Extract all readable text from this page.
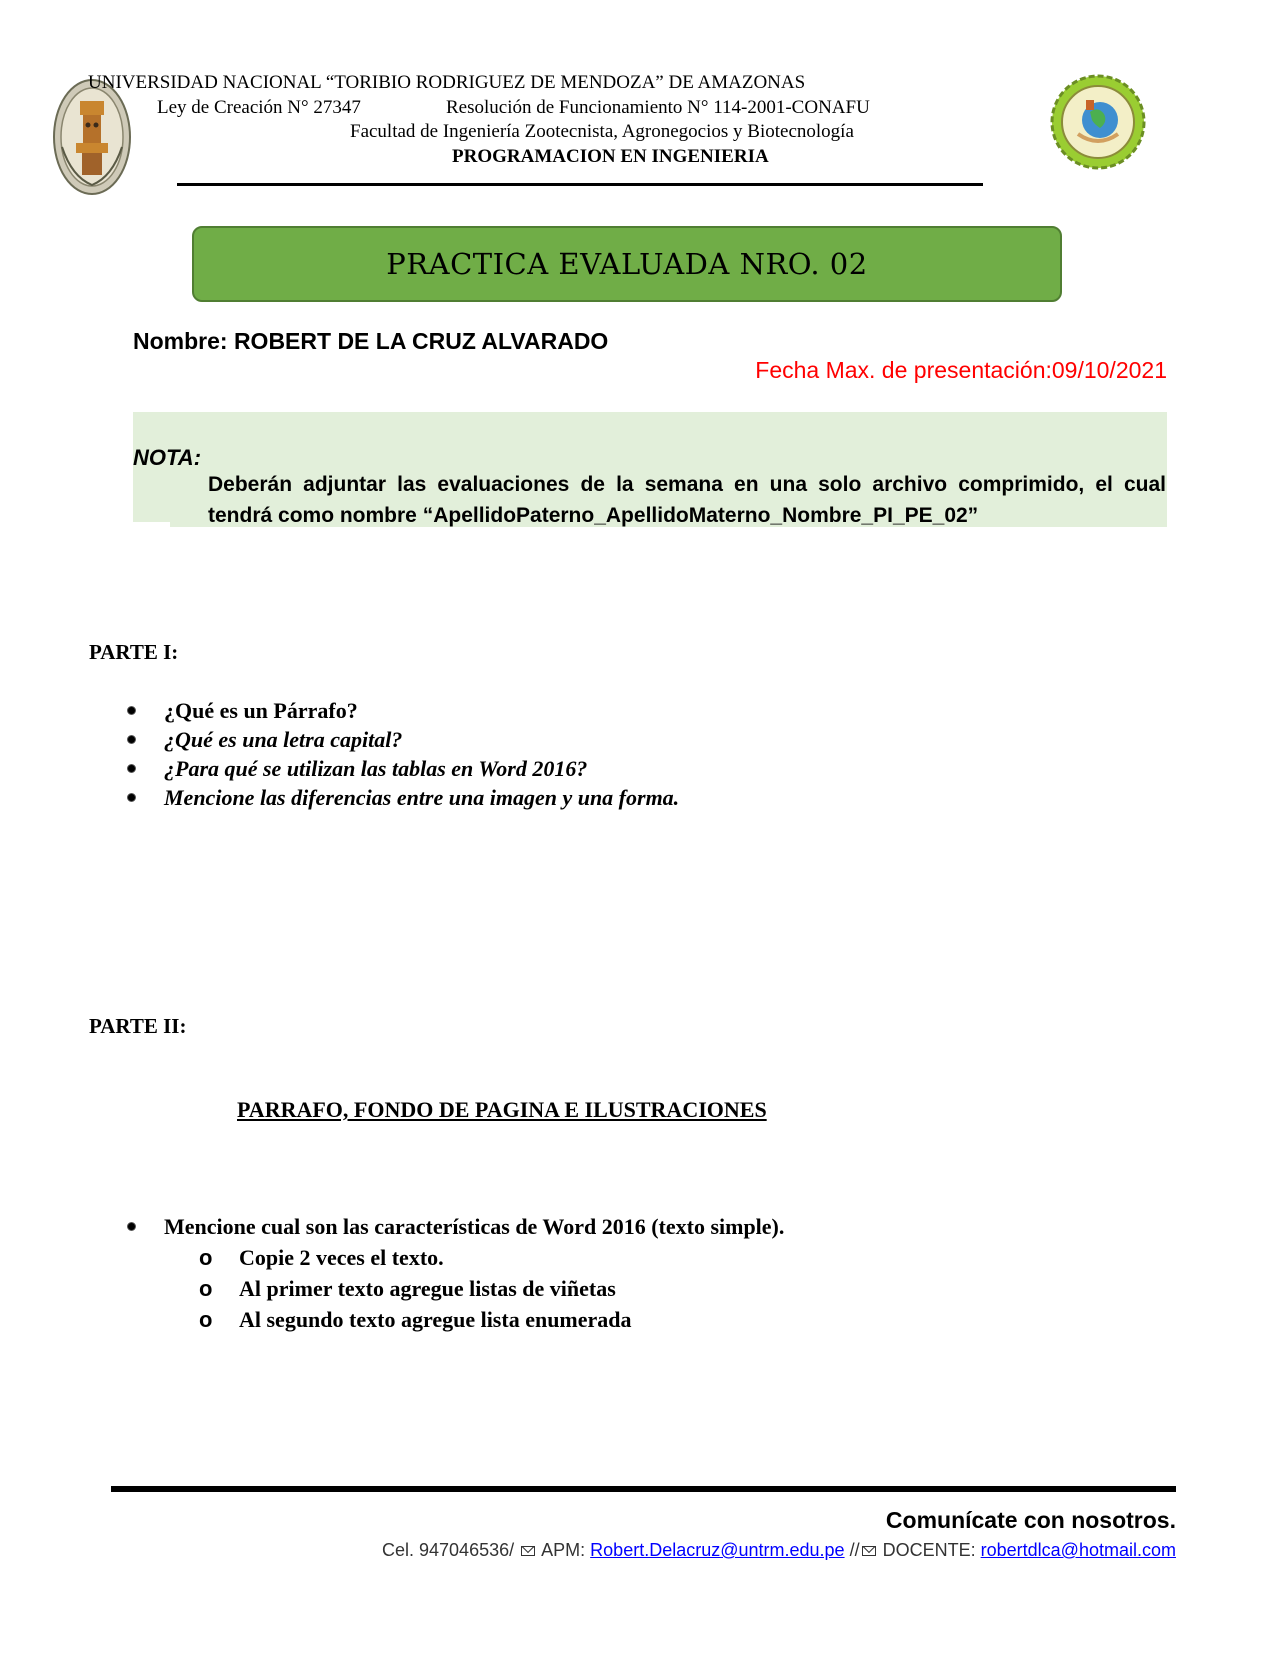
UNIVERSIDAD NACIONAL “TORIBIO RODRIGUEZ DE MENDOZA” DE AMAZONAS
Ley de Creación N° 27347	Resolución de Funcionamiento N° 114-2001-CONAFU
Facultad de Ingeniería Zootecnista, Agronegocios y Biotecnología
PROGRAMACION EN INGENIERIA
PRACTICA EVALUADA NRO. 02
Nombre: ROBERT DE LA CRUZ ALVARADO
Fecha Max. de presentación:09/10/2021
NOTA:
Deberán adjuntar las evaluaciones de la semana en una solo archivo comprimido, el cual tendrá como nombre “ApellidoPaterno_ApellidoMaterno_Nombre_PI_PE_02”
PARTE I:
¿Qué es un Párrafo?
¿Qué es una letra capital?
¿Para qué se utilizan las tablas en Word 2016?
Mencione las diferencias entre una imagen y una forma.
PARTE II:
PARRAFO, FONDO DE PAGINA E ILUSTRACIONES
Mencione cual son las características de Word 2016 (texto simple).
o Copie 2 veces el texto.
o Al primer texto agregue listas de viñetas
o Al segundo texto agregue lista enumerada
Comunícate con nosotros.
Cel. 947046536/ APM: Robert.Delacruz@untrm.edu.pe // DOCENTE: robertdlca@hotmail.com
